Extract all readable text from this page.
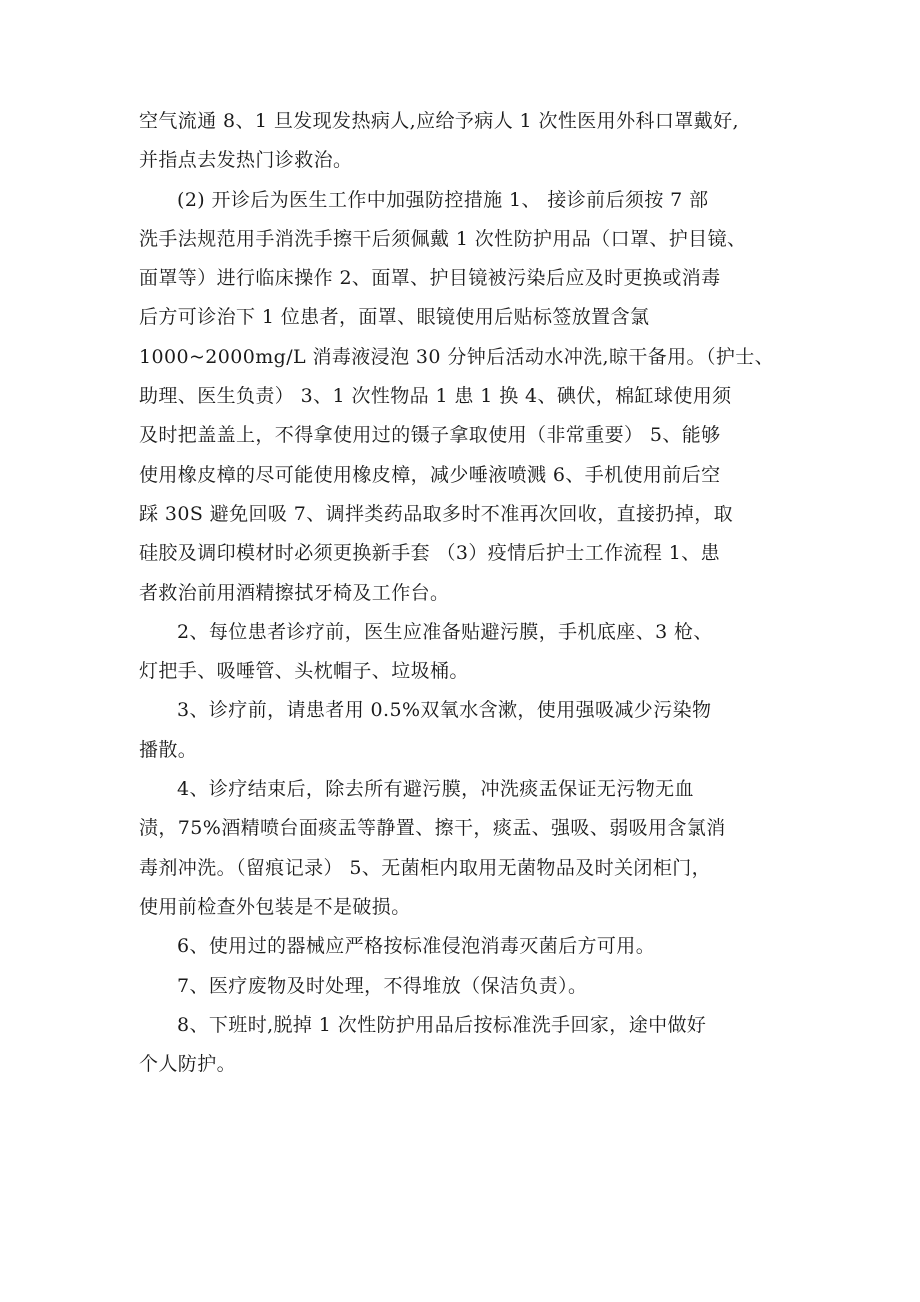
空气流通 8、1 旦发现发热病人,应给予病人 1 次性医用外科口罩戴好,
并指点去发热门诊救治。
(2) 开诊后为医生工作中加强防控措施 1、 接诊前后须按 7 部
洗手法规范用手消洗手擦干后须佩戴 1 次性防护用品（口罩、护目镜、
面罩等）进行临床操作 2、面罩、护目镜被污染后应及时更换或消毒
后方可诊治下 1 位患者，面罩、眼镜使用后贴标签放置含氯
1000~2000mg/L 消毒液浸泡 30 分钟后活动水冲洗,晾干备用。（护士、
助理、医生负责） 3、1 次性物品 1 患 1 换 4、碘伏，棉缸球使用须
及时把盖盖上，不得拿使用过的镊子拿取使用（非常重要） 5、能够
使用橡皮樟的尽可能使用橡皮樟，减少唾液喷溅 6、手机使用前后空
踩 30S 避免回吸 7、调拌类药品取多时不准再次回收，直接扔掉，取
硅胶及调印模材时必须更换新手套 （3）疫情后护士工作流程 1、患
者救治前用酒精擦拭牙椅及工作台。
2、每位患者诊疗前，医生应准备贴避污膜，手机底座、3 枪、
灯把手、吸唾管、头枕帽子、垃圾桶。
3、诊疗前，请患者用 0.5%双氧水含漱，使用强吸减少污染物
播散。
4、诊疗结束后，除去所有避污膜，冲洗痰盂保证无污物无血
渍，75%酒精喷台面痰盂等静置、擦干，痰盂、强吸、弱吸用含氯消
毒剂冲洗。（留痕记录） 5、无菌柜内取用无菌物品及时关闭柜门，
使用前检查外包装是不是破损。
6、使用过的器械应严格按标准侵泡消毒灭菌后方可用。
7、医疗废物及时处理，不得堆放（保洁负责）。
8、下班时,脱掉 1 次性防护用品后按标准洗手回家，途中做好
个人防护。
